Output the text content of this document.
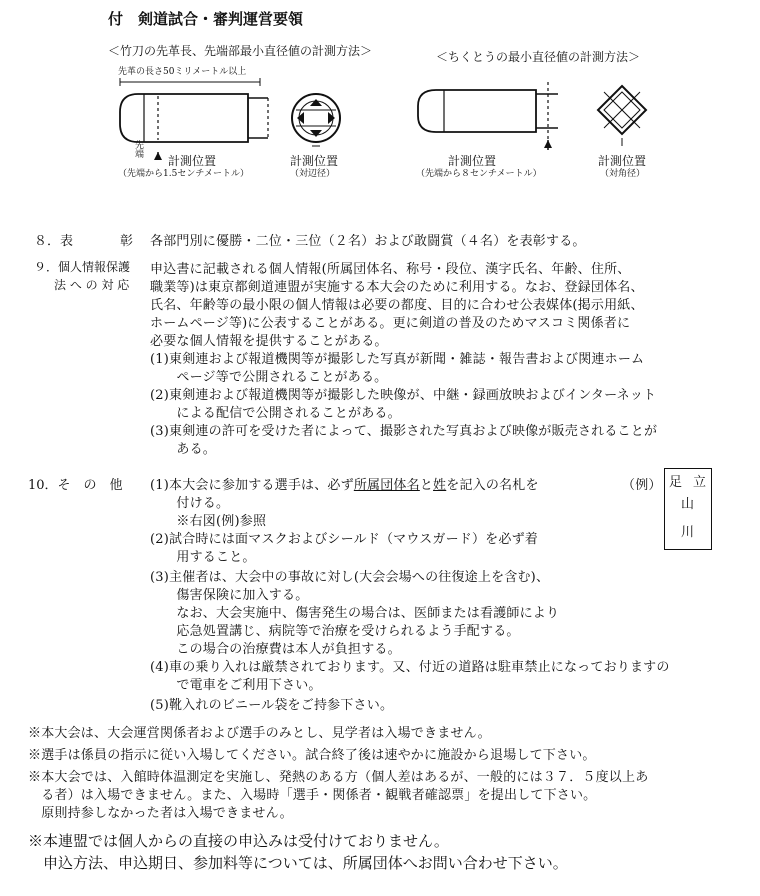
付　剣道試合・審判運営要領
＜竹刀の先革長、先端部最小直径値の計測方法＞
先革の長さ50ミリメートル以上
先端
計測位置
（先端から1.5センチメートル）
計測位置
（対辺径）
＜ちくとうの最小直径値の計測方法＞
計測位置
（先端から８センチメートル）
計測位置
（対角径）
８．表	彰 各部門別に優勝・二位・三位（２名）および敢闘賞（４名）を表彰する。
９．個人情報保護
法 へ の 対 応
申込書に記載される個人情報(所属団体名、称号・段位、漢字氏名、年齢、住所、
職業等)は東京都剣道連盟が実施する本大会のために利用する。なお、登録団体名、
氏名、年齢等の最小限の個人情報は必要の都度、目的に合わせ公表媒体(掲示用紙、
ホームページ等)に公表することがある。更に剣道の普及のためマスコミ関係者に
必要な個人情報を提供することがある。
(1)東剣連および報道機関等が撮影した写真が新聞・雑誌・報告書および関連ホーム
　　ページ等で公開されることがある。
(2)東剣連および報道機関等が撮影した映像が、中継・録画放映およびインターネット
　　による配信で公開されることがある。
(3)東剣連の許可を受けた者によって、撮影された写真および映像が販売されることが
　　ある。
10．そ　の　他 (1)本大会に参加する選手は、必ず所属団体名と姓を記入の名札を
　　付ける。
　　※右図(例)参照
(2)試合時には面マスクおよびシールド（マウスガード）を必ず着
　　用すること。
(3)主催者は、大会中の事故に対し(大会会場への往復途上を含む)、
　　傷害保険に加入する。
　　なお、大会実施中、傷害発生の場合は、医師または看護師により
　　応急処置講じ、病院等で治療を受けられるよう手配する。
　　この場合の治療費は本人が負担する。
(4)車の乗り入れは厳禁されております。又、付近の道路は駐車禁止になっておりますの
　　で電車をご利用下さい。
(5)靴入れのビニール袋をご持参下さい。
（例） 足 立
山
川
※本大会は、大会運営関係者および選手のみとし、見学者は入場できません。
※選手は係員の指示に従い入場してください。試合終了後は速やかに施設から退場して下さい。
※本大会では、入館時体温測定を実施し、発熱のある方（個人差はあるが、一般的には３７．５度以上あ
　る者）は入場できません。また、入場時「選手・関係者・観戦者確認票」を提出して下さい。
　原則持参しなかった者は入場できません。
※本連盟では個人からの直接の申込みは受付けておりません。
　申込方法、申込期日、参加料等については、所属団体へお問い合わせ下さい。
